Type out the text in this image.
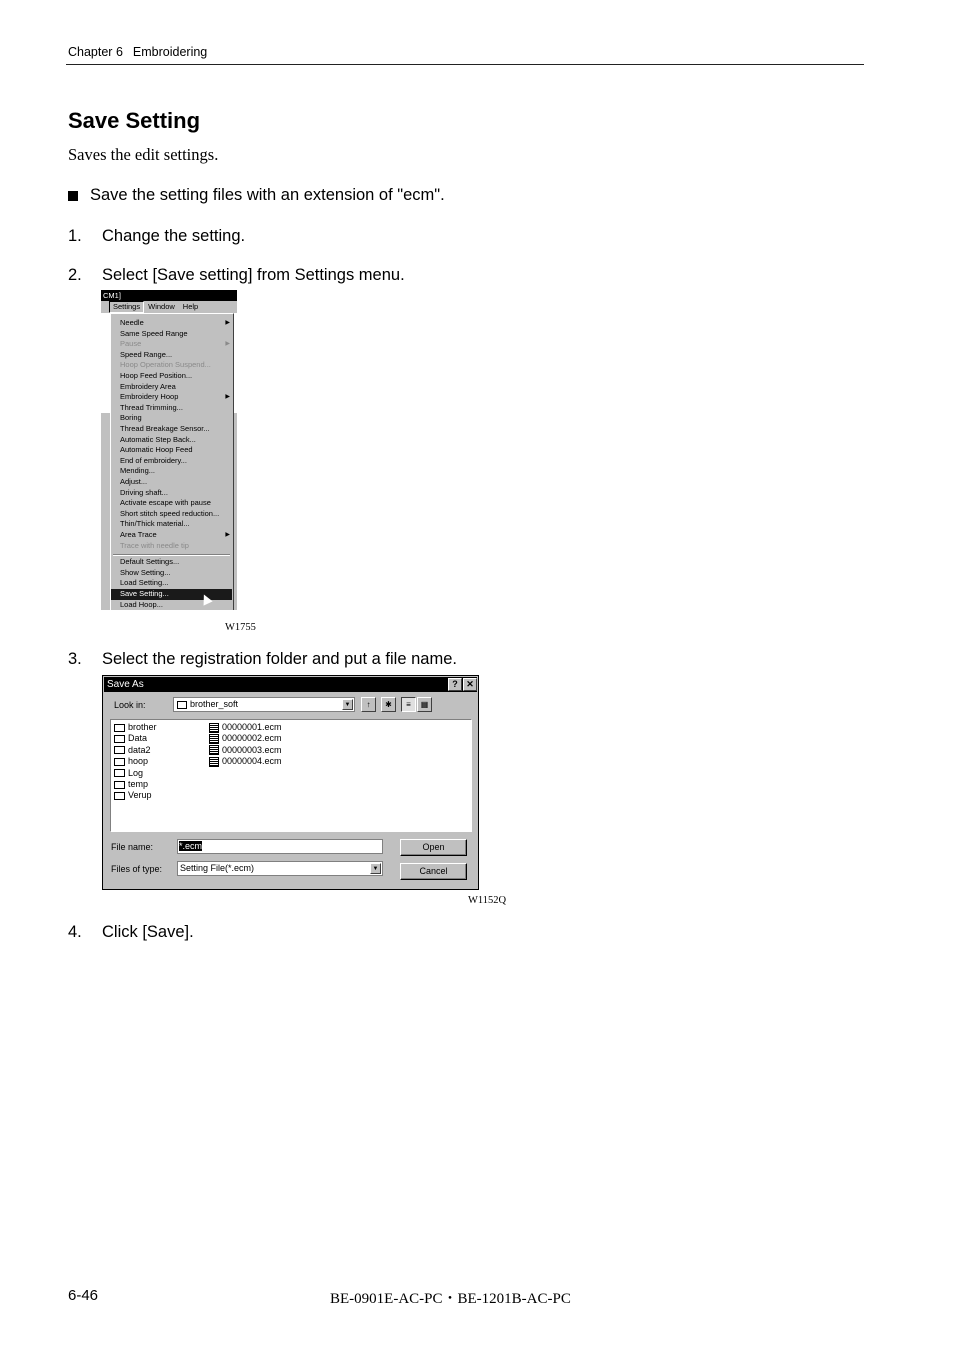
Chapter 6 Embroidering
Save Setting
Saves the edit settings.
Save the setting files with an extension of "ecm".
1. Change the setting.
2. Select [Save setting] from Settings menu.
CM1]
Settings	Window	Help
Needle	▶
Same Speed Range
Pause	▶
Speed Range...
Hoop Operation Suspend...
Hoop Feed Position...
Embroidery Area
Embroidery Hoop	▶
Thread Trimming...
Boring
Thread Breakage Sensor...
Automatic Step Back...
Automatic Hoop Feed
End of embroidery...
Mending...
Adjust...
Driving shaft...
Activate escape with pause
Short stitch speed reduction...
Thin/Thick material...
Area Trace	▶
Trace with needle tip
Default Settings...
Show Setting...
Load Setting...
Save Setting...
Load Hoop...
W1755
3. Select the registration folder and put a file name.
Save As	? ✕
Look in:	brother_soft	▼	↑	✱	≡	▦
brother
Data
data2
hoop
Log
temp
Verup
00000001.ecm
00000002.ecm
00000003.ecm
00000004.ecm
File name:	*.ecm
Files of type:	Setting File(*.ecm)	▼
Open
Cancel
W1152Q
4. Click [Save].
6-46	BE-0901E-AC-PC・BE-1201B-AC-PC
